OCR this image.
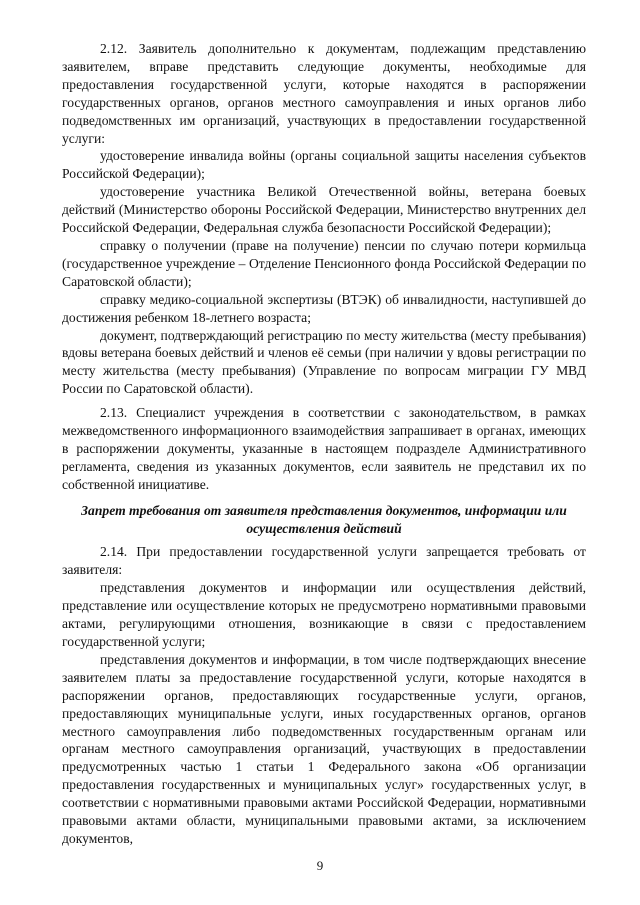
2.12. Заявитель дополнительно к документам, подлежащим представлению заявителем, вправе представить следующие документы, необходимые для предоставления государственной услуги, которые находятся в распоряжении государственных органов, органов местного самоуправления и иных органов либо подведомственных им организаций, участвующих в предоставлении государственной услуги:

удостоверение инвалида войны (органы социальной защиты населения субъектов Российской Федерации);

удостоверение участника Великой Отечественной войны, ветерана боевых действий (Министерство обороны Российской Федерации, Министерство внутренних дел Российской Федерации, Федеральная служба безопасности Российской Федерации);

справку о получении (праве на получение) пенсии по случаю потери кормильца (государственное учреждение – Отделение Пенсионного фонда Российской Федерации по Саратовской области);

справку медико-социальной экспертизы (ВТЭК) об инвалидности, наступившей до достижения ребенком 18-летнего возраста;

документ, подтверждающий регистрацию по месту жительства (месту пребывания) вдовы ветерана боевых действий и членов её семьи (при наличии у вдовы регистрации по месту жительства (месту пребывания) (Управление по вопросам миграции ГУ МВД России по Саратовской области).

2.13. Специалист учреждения в соответствии с законодательством, в рамках межведомственного информационного взаимодействия запрашивает в органах, имеющих в распоряжении документы, указанные в настоящем подразделе Административного регламента, сведения из указанных документов, если заявитель не представил их по собственной инициативе.

Запрет требования от заявителя представления документов, информации или осуществления действий

2.14. При предоставлении государственной услуги запрещается требовать от заявителя:

представления документов и информации или осуществления действий, представление или осуществление которых не предусмотрено нормативными правовыми актами, регулирующими отношения, возникающие в связи с предоставлением государственной услуги;

представления документов и информации, в том числе подтверждающих внесение заявителем платы за предоставление государственной услуги, которые находятся в распоряжении органов, предоставляющих государственные услуги, органов, предоставляющих муниципальные услуги, иных государственных органов, органов местного самоуправления либо подведомственных государственным органам или органам местного самоуправления организаций, участвующих в предоставлении предусмотренных частью 1 статьи 1 Федерального закона «Об организации предоставления государственных и муниципальных услуг» государственных услуг, в соответствии с нормативными правовыми актами Российской Федерации, нормативными правовыми актами области, муниципальными правовыми актами, за исключением документов,

9
